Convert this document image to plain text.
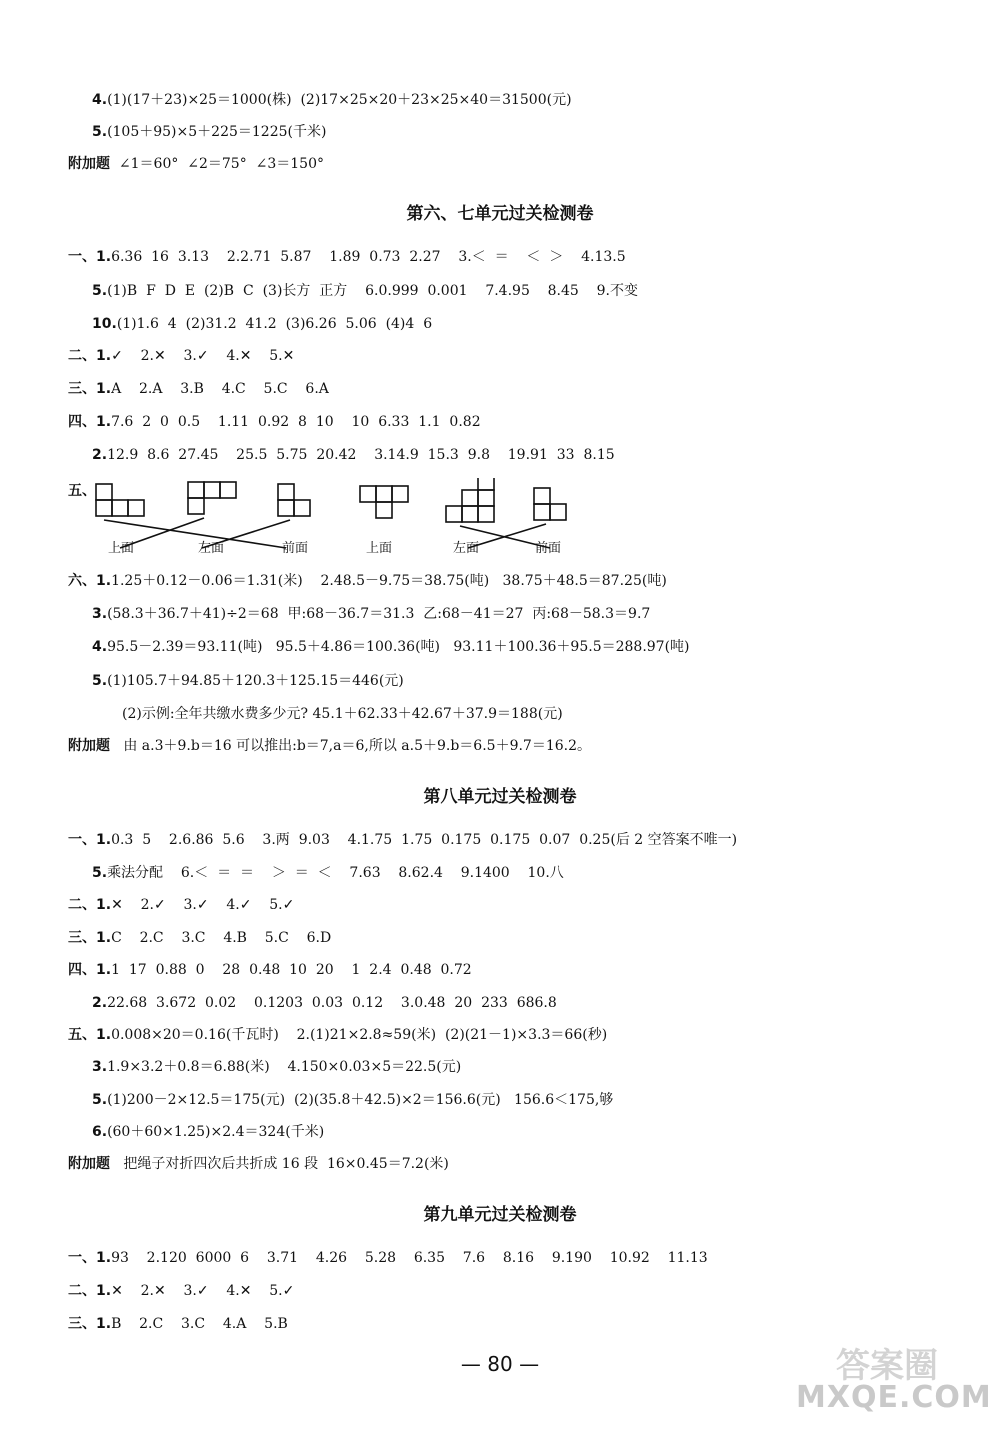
4.(1)(17＋23)×25＝1000(株)  (2)17×25×20＋23×25×40＝31500(元)
5.(105＋95)×5＋225＝1225(千米)
附加题 ∠1＝60°  ∠2＝75°  ∠3＝150°
第六、七单元过关检测卷
一、1.6.36  16  3.13    2.2.71  5.87    1.89  0.73  2.27    3.＜  ＝    ＜  ＞    4.13.5
5.(1)B  F  D  E  (2)B  C  (3)长方  正方    6.0.999  0.001    7.4.95    8.45    9.不变
10.(1)1.6  4  (2)31.2  41.2  (3)6.26  5.06  (4)4  6
二、1.✓    2.✕    3.✓    4.✕    5.✕
三、1.A    2.A    3.B    4.C    5.C    6.A
四、1.7.6  2  0  0.5    1.11  0.92  8  10    10  6.33  1.1  0.82
2.12.9  8.6  27.45    25.5  5.75  20.42    3.14.9  15.3  9.8    19.91  33  8.15
五、
上面	左面	前面	上面	左面	前面
六、1.1.25＋0.12－0.06＝1.31(米)    2.48.5－9.75＝38.75(吨)   38.75＋48.5＝87.25(吨)
3.(58.3＋36.7＋41)÷2＝68  甲:68－36.7＝31.3  乙:68－41＝27  丙:68－58.3＝9.7
4.95.5－2.39＝93.11(吨)   95.5＋4.86＝100.36(吨)   93.11＋100.36＋95.5＝288.97(吨)
5.(1)105.7＋94.85＋120.3＋125.15＝446(元)
(2)示例:全年共缴水费多少元? 45.1＋62.33＋42.67＋37.9＝188(元)
附加题 由 a.3＋9.b＝16 可以推出:b＝7,a＝6,所以 a.5＋9.b＝6.5＋9.7＝16.2。
第八单元过关检测卷
一、1.0.3  5    2.6.86  5.6    3.两  9.03    4.1.75  1.75  0.175  0.175  0.07  0.25(后 2 空答案不唯一)
5.乘法分配    6.＜  ＝  ＝    ＞  ＝  ＜    7.63    8.62.4    9.1400    10.八
二、1.✕    2.✓    3.✓    4.✓    5.✓
三、1.C    2.C    3.C    4.B    5.C    6.D
四、1.1  17  0.88  0    28  0.48  10  20    1  2.4  0.48  0.72
2.22.68  3.672  0.02    0.1203  0.03  0.12    3.0.48  20  233  686.8
五、1.0.008×20＝0.16(千瓦时)    2.(1)21×2.8≈59(米)  (2)(21－1)×3.3＝66(秒)
3.1.9×3.2＋0.8＝6.88(米)    4.150×0.03×5＝22.5(元)
5.(1)200－2×12.5＝175(元)  (2)(35.8＋42.5)×2＝156.6(元)   156.6＜175,够
6.(60＋60×1.25)×2.4＝324(千米)
附加题 把绳子对折四次后共折成 16 段  16×0.45＝7.2(米)
第九单元过关检测卷
一、1.93    2.120  6000  6    3.71    4.26    5.28    6.35    7.6    8.16    9.190    10.92    11.13
二、1.✕    2.✕    3.✓    4.✕    5.✓
三、1.B    2.C    3.C    4.A    5.B
— 80 —	答案圈
MXQE.COM
